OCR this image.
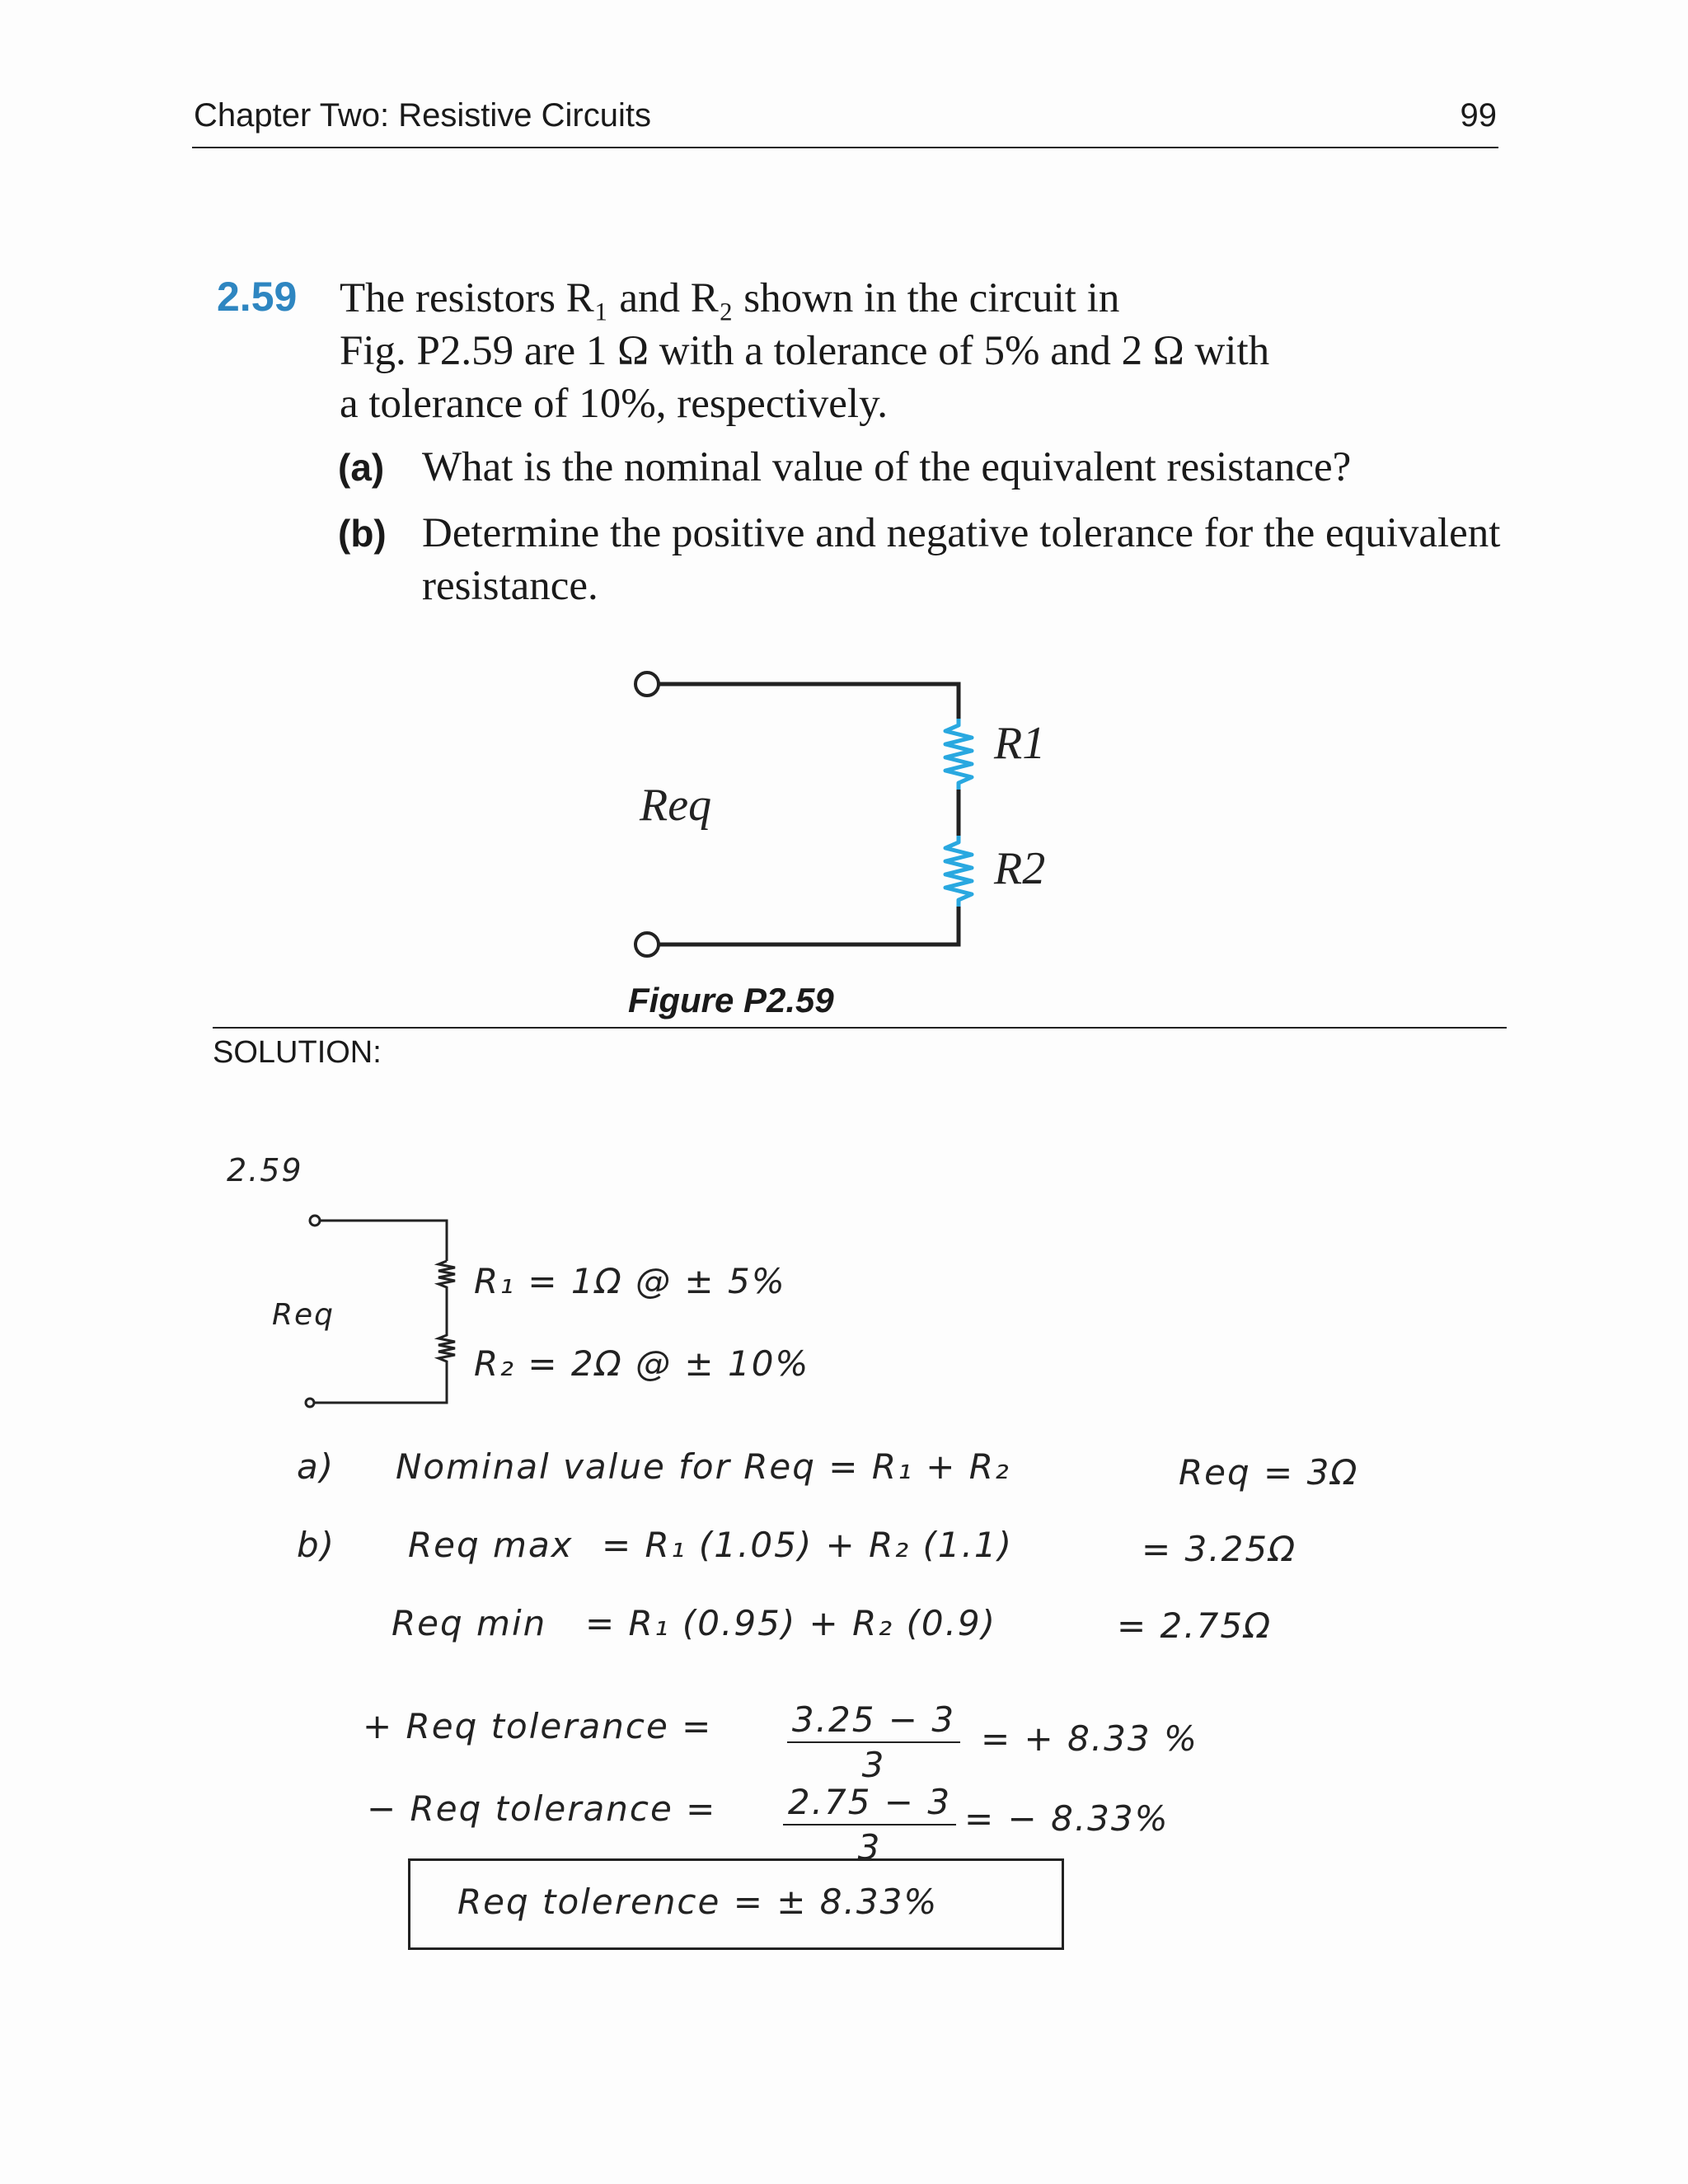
Chapter Two: Resistive Circuits	99
2.59 The resistors R₁ and R₂ shown in the circuit in
Fig. P2.59 are 1 Ω with a tolerance of 5% and 2 Ω with
a tolerance of 10%, respectively.
(a) What is the nominal value of the equivalent resistance?
(b) Determine the positive and negative tolerance for the equivalent resistance.
Req
R1
R2
Figure P2.59
SOLUTION:
2.59
Req
R₁ = 1Ω @ ± 5%
R₂ = 2Ω @ ± 10%
a) Nominal value for Req = R₁ + R₂	Req = 3Ω
b) Req max = R₁ (1.05) + R₂ (1.1)	= 3.25Ω
Req min = R₁ (0.95) + R₂ (0.9)	= 2.75Ω
+ Req tolerance = 3.25 − 3
3
= + 8.33 %
− Req tolerance = 2.75 − 3
3
= − 8.33%
Req tolerence = ± 8.33%
